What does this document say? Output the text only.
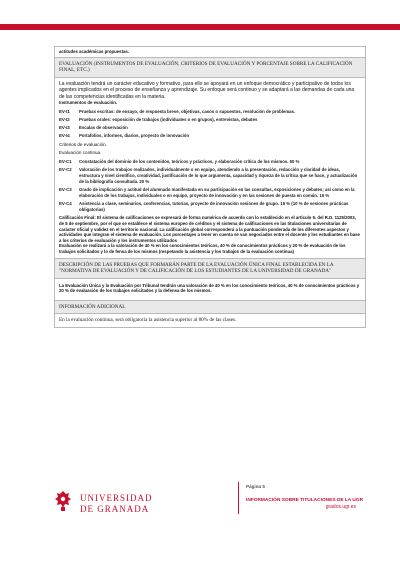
actitudes académicas propuestas.
EVALUACIÓN (INSTRUMENTOS DE EVALUACIÓN, CRITERIOS DE EVALUACIÓN Y PORCENTAJE SOBRE LA CALIFICACIÓN FINAL, ETC.)
La evaluación tendrá un carácter educativo y formativo, para ello se apoyará en un enfoque democrático y participativo de todos los agentes implicados en el proceso de enseñanza y aprendizaje. Su enfoque será continuo y se adaptará a las demandas de cada una de las competencias identificadas en la materia.
Instrumentos de evaluación.
EV-I1	Pruebas escritas: de ensayo, de respuesta breve, objetivas, casos o supuestos, resolución de problemas.
EV-I2	Pruebas orales: exposición de trabajos (individuales o en grupos), entrevistas, debates
EV-I3	Escalas de observación
EV-I4	Portafolios, informes, diarios, proyecto de innovación
Criterios de evaluación.
Evaluación continua.
EV-C1	Constatación del dominio de los contenidos, teóricos y prácticos, y elaboración crítica de los mismos. 50 %
EV-C2	Valoración de los trabajos realizados, individualmente o en equipo, atendiendo a la presentación, redacción y claridad de ideas, estructura y nivel científico, creatividad, justificación de lo que argumenta, capacidad y riqueza de la crítica que se hace, y actualización de la bibliografía consultada. 20 %
EV-C3	Grado de implicación y actitud del alumnado manifestada en su participación en las consultas, exposiciones y debates; así como en la elaboración de los trabajos, individuales o en equipo, proyecto de innovación y en las sesiones de puesta en común. 15 %
EV-C4	Asistencia a clase, seminarios, conferencias, tutorías, proyecto de innovación sesiones de grupo. 15 % (10 % de sesiones prácticas obligatorias)
Calificación Final: El sistema de calificaciones se expresará de forma numérica de acuerdo con lo establecido en el artículo 5. del R.D. 1125/2003, de 5 de septiembre, por el que se establece el sistema europeo de créditos y el sistema de calificaciones en las titulaciones universitarias de carácter oficial y validez en el territorio nacional. La calificación global corresponderá a la puntuación ponderada de los diferentes aspectos y actividades que integran el sistema de evaluación. Los porcentajes a tener en cuenta se van negociados entre el docente y los estudiantes en base a los criterios de evaluación y los instrumentos utilizados
Evaluación se realizará a la valoración de 40 % en los conocimientos teóricos, 40 % de conocimientos prácticos y 20 % de evaluación de los trabajos solicitados y lo de fensa de los mismos (respetando la asistencia y los trabajos de la evaluación continua)
DESCRIPCIÓN DE LAS PRUEBAS QUE FORMARÁN PARTE DE LA EVALUACIÓN ÚNICA FINAL ESTABLECIDA EN LA "NORMATIVA DE EVALUACIÓN Y DE CALIFICACIÓN DE LOS ESTUDIANTES DE LA UNIVERSIDAD DE GRANADA"
La Evaluación Única y la Evaluación por Tribunal tendrán una valoración de 40 % en los conocimiento teóricos, 40 % de conocimientos prácticos y 20 % de evaluación de los trabajos solicitados y la defensa de los mismos.
INFORMACIÓN ADICIONAL
En la evaluación continua, será obligatoria la asistencia superior al 80% de las clases.
UNIVERSIDAD
DE GRANADA
Página 5
INFORMACIÓN SOBRE TITULACIONES DE LA UGR
grados.ugr.es
